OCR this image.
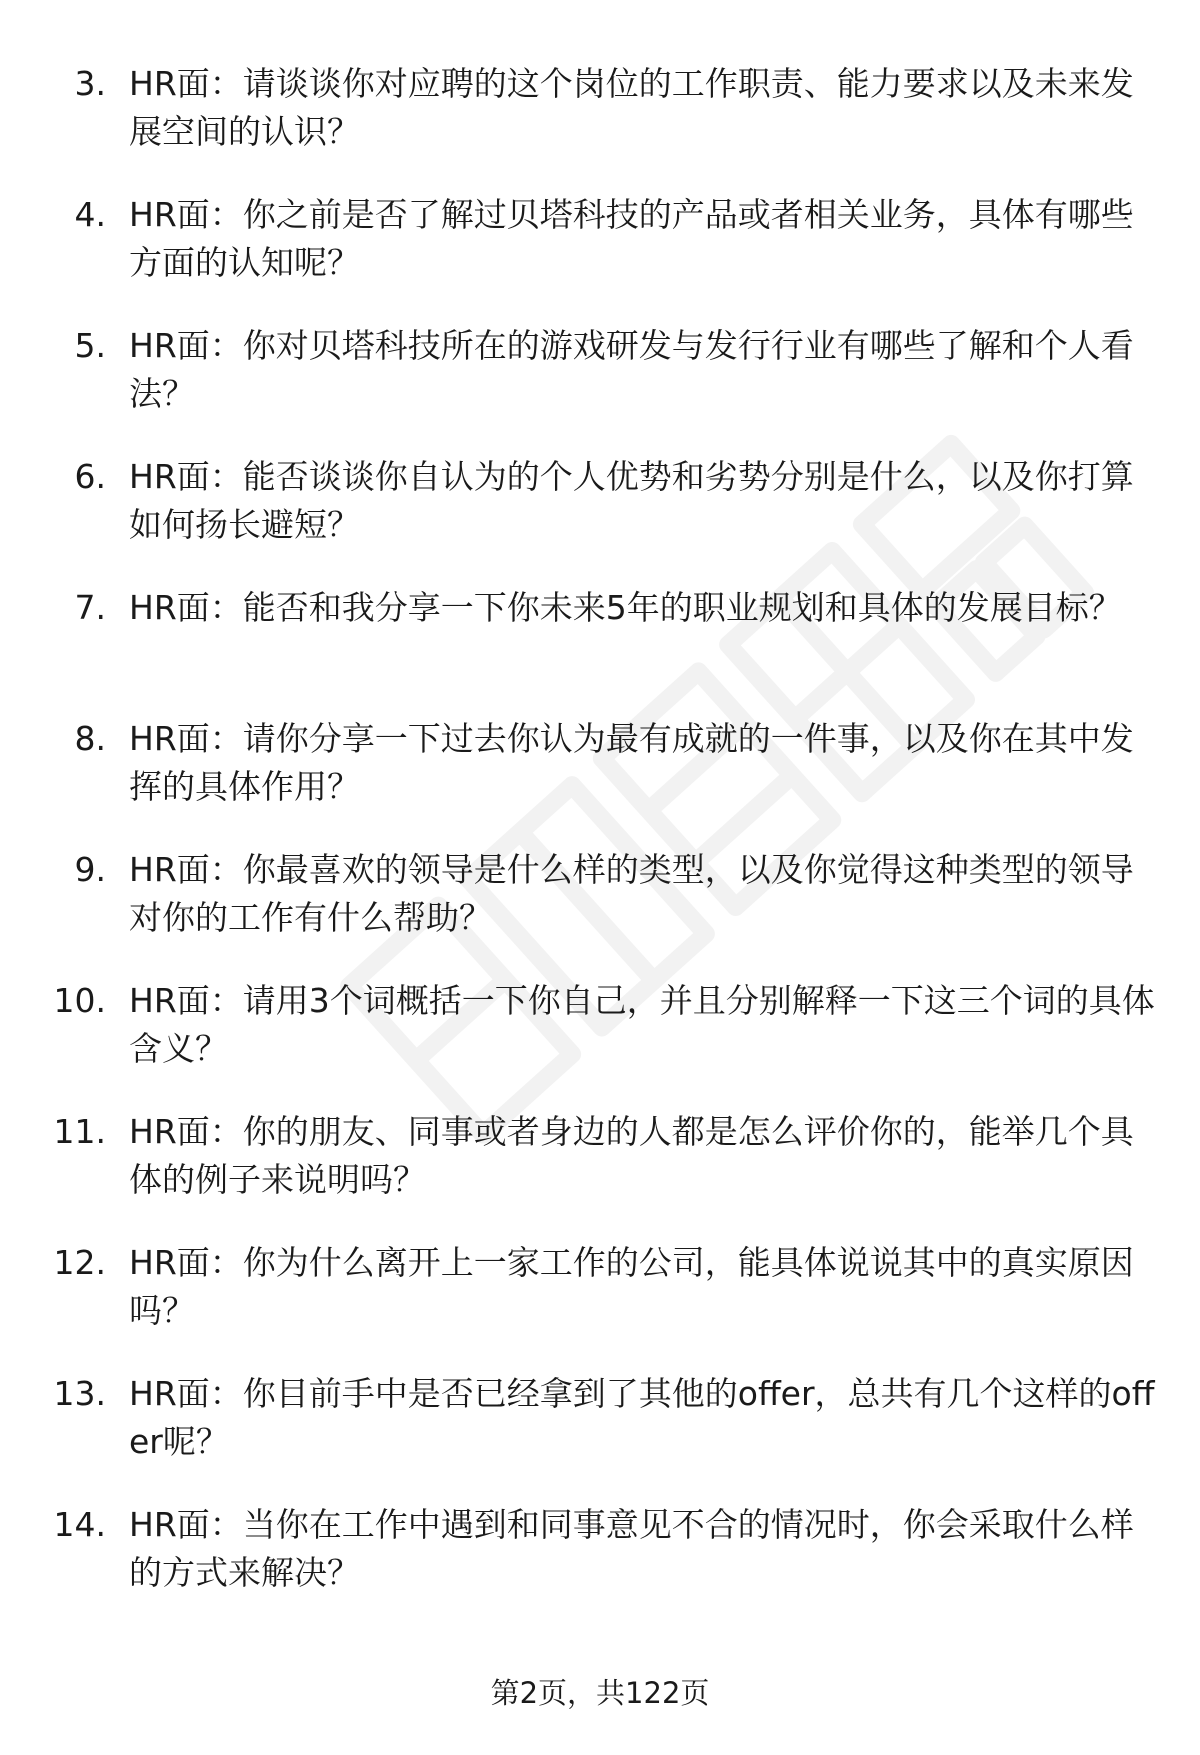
3. HR面：请谈谈你对应聘的这个岗位的工作职责、能力要求以及未来发展空间的认识？
4. HR面：你之前是否了解过贝塔科技的产品或者相关业务，具体有哪些方面的认知呢？
5. HR面：你对贝塔科技所在的游戏研发与发行行业有哪些了解和个人看法？
6. HR面：能否谈谈你自认为的个人优势和劣势分别是什么，以及你打算如何扬长避短？
7. HR面：能否和我分享一下你未来5年的职业规划和具体的发展目标？
8. HR面：请你分享一下过去你认为最有成就的一件事，以及你在其中发挥的具体作用？
9. HR面：你最喜欢的领导是什么样的类型，以及你觉得这种类型的领导对你的工作有什么帮助？
10. HR面：请用3个词概括一下你自己，并且分别解释一下这三个词的具体含义？
11. HR面：你的朋友、同事或者身边的人都是怎么评价你的，能举几个具体的例子来说明吗？
12. HR面：你为什么离开上一家工作的公司，能具体说说其中的真实原因吗？
13. HR面：你目前手中是否已经拿到了其他的offer，总共有几个这样的offer呢？
14. HR面：当你在工作中遇到和同事意见不合的情况时，你会采取什么样的方式来解决？
第2页，共122页
